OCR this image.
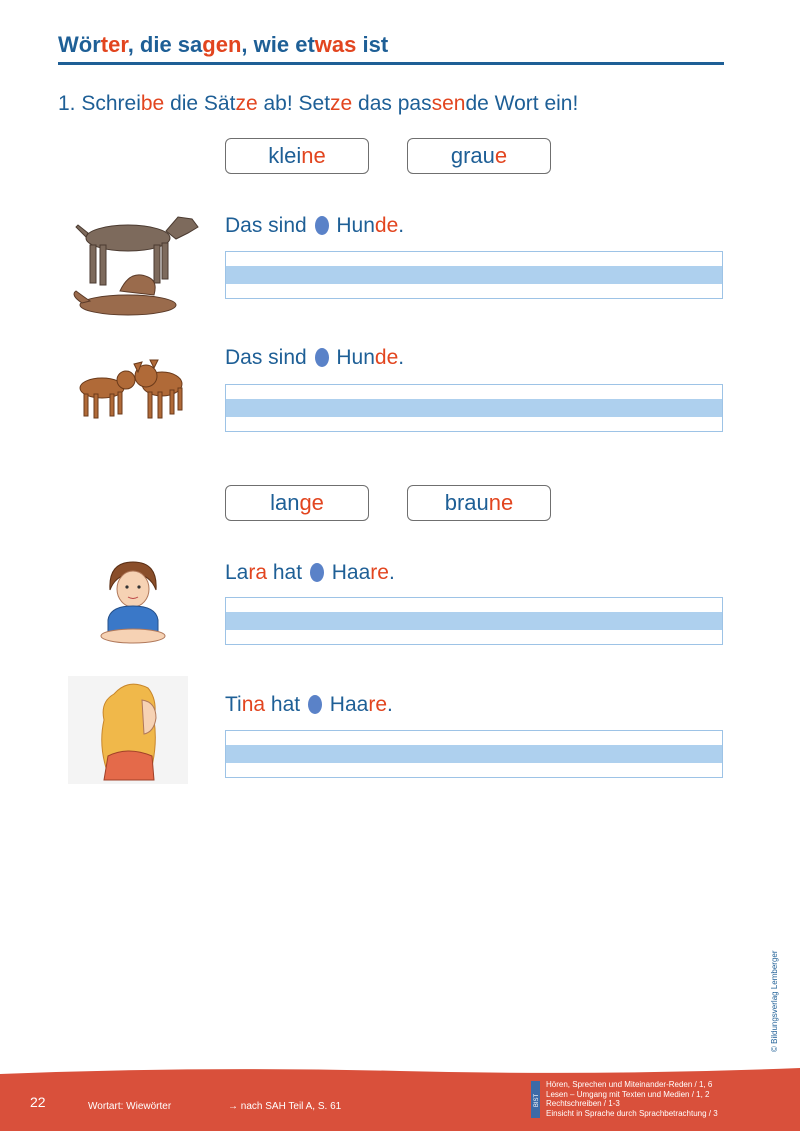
Wörter, die sagen, wie etwas ist
1. Schreibe die Sätze ab! Setze das passende Wort ein!
kleine	graue
Das sind Hunde.
Das sind Hunde.
lange	braune
Lara hat Haare.
Tina hat Haare.
© Bildungsverlag Lemberger
22	Wortart: Wiewörter	→ nach SAH Teil A, S. 61	BIST
Hören, Sprechen und Miteinander-Reden / 1, 6
Lesen – Umgang mit Texten und Medien / 1, 2
Rechtschreiben / 1-3
Einsicht in Sprache durch Sprachbetrachtung / 3
